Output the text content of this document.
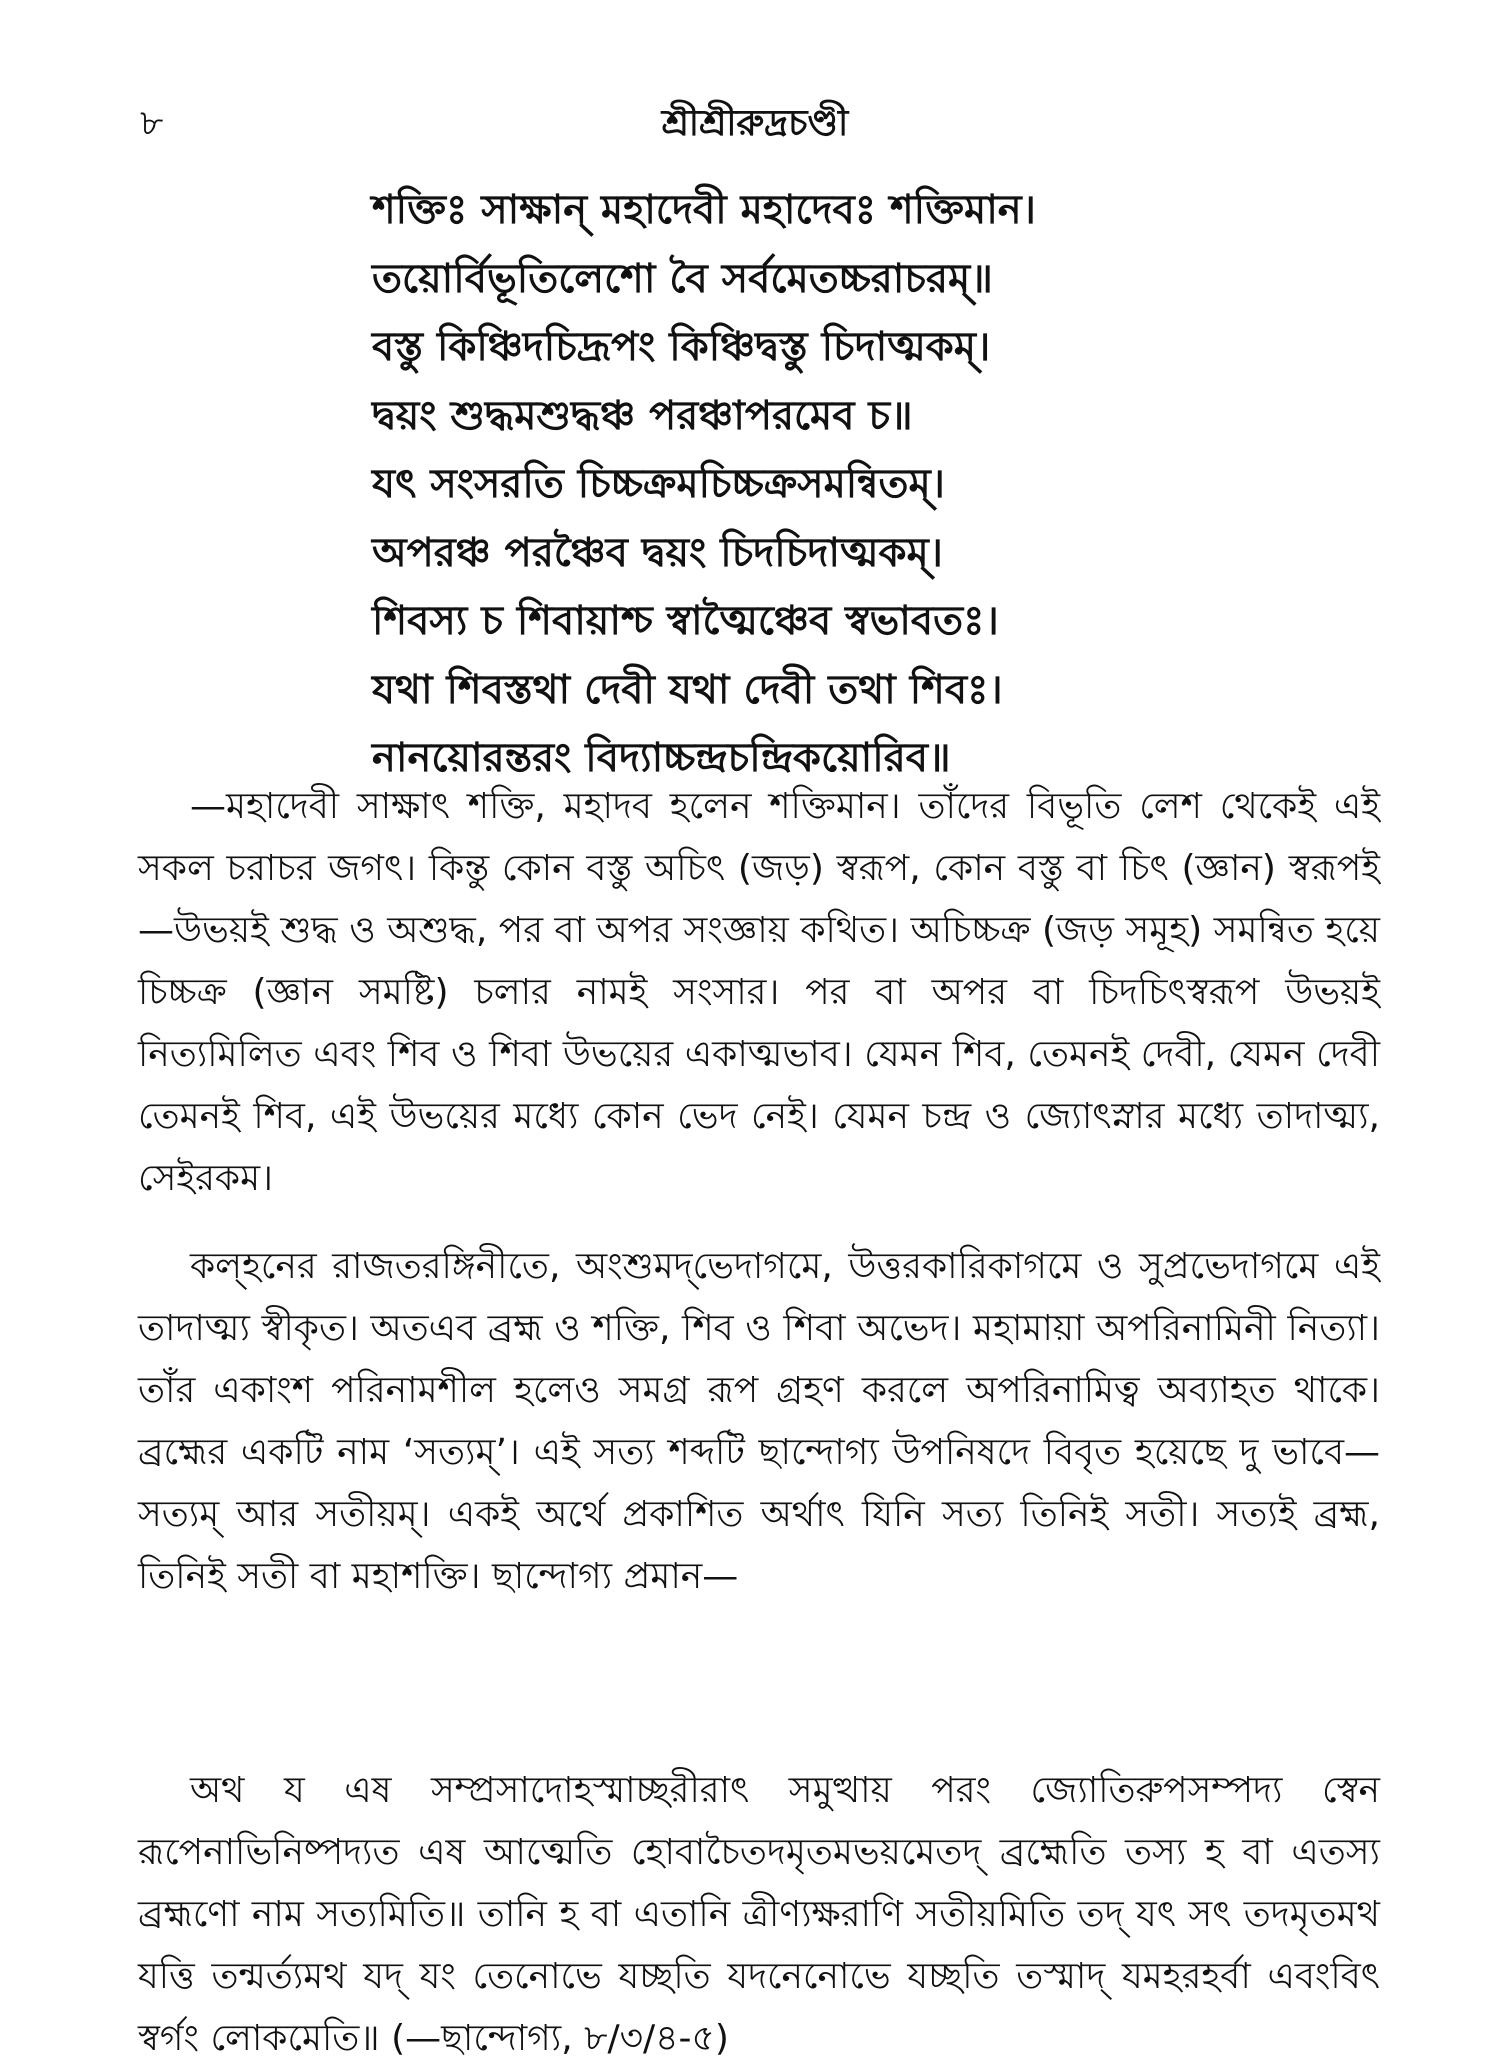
৮	শ্রীশ্রীরুদ্রচণ্ডী
শক্তিঃ সাক্ষান্‌ মহাদেবী মহাদেবঃ শক্তিমান।
তয়োর্বিভূতিলেশো বৈ সর্বমেতচ্চরাচরম্‌॥
বস্তু কিঞ্চিদচিদ্রূপং কিঞ্চিদ্বস্তু চিদাত্মকম্‌।
দ্বয়ং শুদ্ধমশুদ্ধঞ্চ পরঞ্চাপরমেব চ॥
যৎ সংসরতি চিচ্চক্রমচিচ্চক্রসমন্বিতম্‌।
অপরঞ্চ পরঞ্চৈব দ্বয়ং চিদচিদাত্মকম্‌।
শিবস্য চ শিবায়াশ্চ স্বাত্মৈঞ্চেব স্বভাবতঃ।
যথা শিবস্তথা দেবী যথা দেবী তথা শিবঃ।
নানয়োরন্তরং বিদ্যাচ্চন্দ্রচন্দ্রিকয়োরিব॥

—মহাদেবী সাক্ষাৎ শক্তি, মহাদব হলেন শক্তিমান। তাঁদের বিভূতি লেশ থেকেই এই সকল চরাচর জগৎ। কিন্তু কোন বস্তু অচিৎ (জড়) স্বরূপ, কোন বস্তু বা চিৎ (জ্ঞান) স্বরূপই—উভয়ই শুদ্ধ ও অশুদ্ধ, পর বা অপর সংজ্ঞায় কথিত। অচিচ্চক্র (জড় সমূহ) সমন্বিত হয়ে চিচ্চক্র (জ্ঞান সমষ্টি) চলার নামই সংসার। পর বা অপর বা চিদচিৎস্বরূপ উভয়ই নিত্যমিলিত এবং শিব ও শিবা উভয়ের একাত্মভাব। যেমন শিব, তেমনই দেবী, যেমন দেবী তেমনই শিব, এই উভয়ের মধ্যে কোন ভেদ নেই। যেমন চন্দ্র ও জ্যোৎস্নার মধ্যে তাদাত্ম্য, সেইরকম।

কল্হনের রাজতরঙ্গিনীতে, অংশুমদ্‌ভেদাগমে, উত্তরকারিকাগমে ও সুপ্রভেদাগমে এই তাদাত্ম্য স্বীকৃত। অতএব ব্রহ্ম ও শক্তি, শিব ও শিবা অভেদ। মহামায়া অপরিনামিনী নিত্যা। তাঁর একাংশ পরিনামশীল হলেও সমগ্র রূপ গ্রহণ করলে অপরিনামিত্ব অব্যাহত থাকে। ব্রহ্মের একটি নাম ‘সত্যম্‌’। এই সত্য শব্দটি ছান্দোগ্য উপনিষদে বিবৃত হয়েছে দু ভাবে—সত্যম্‌ আর সতীয়ম্‌। একই অর্থে প্রকাশিত অর্থাৎ যিনি সত্য তিনিই সতী। সত্যই ব্রহ্ম, তিনিই সতী বা মহাশক্তি। ছান্দোগ্য প্রমান—

অথ য এষ সম্প্রসাদোহস্মাচ্ছরীরাৎ সমুত্থায় পরং জ্যোতিরুপসম্পদ্য স্বেন রূপেনাভিনিষ্পদ্যত এষ আত্মেতি হোবাচৈতদমৃতমভয়মেতদ্‌ ব্রহ্মেতি তস্য হ বা এতস্য ব্রহ্মণো নাম সত্যমিতি॥ তানি হ বা এতানি ত্রীণ্যক্ষরাণি সতীয়মিতি তদ্‌ যৎ সৎ তদমৃতমথ যত্তি তন্মর্ত্যমথ যদ্‌ যং তেনোভে যচ্ছতি যদনেনোভে যচ্ছতি তস্মাদ্‌ যমহরহর্বা এবংবিৎ স্বর্গং লোকমেতি॥ (—ছান্দোগ্য, ৮/৩/৪-৫)
